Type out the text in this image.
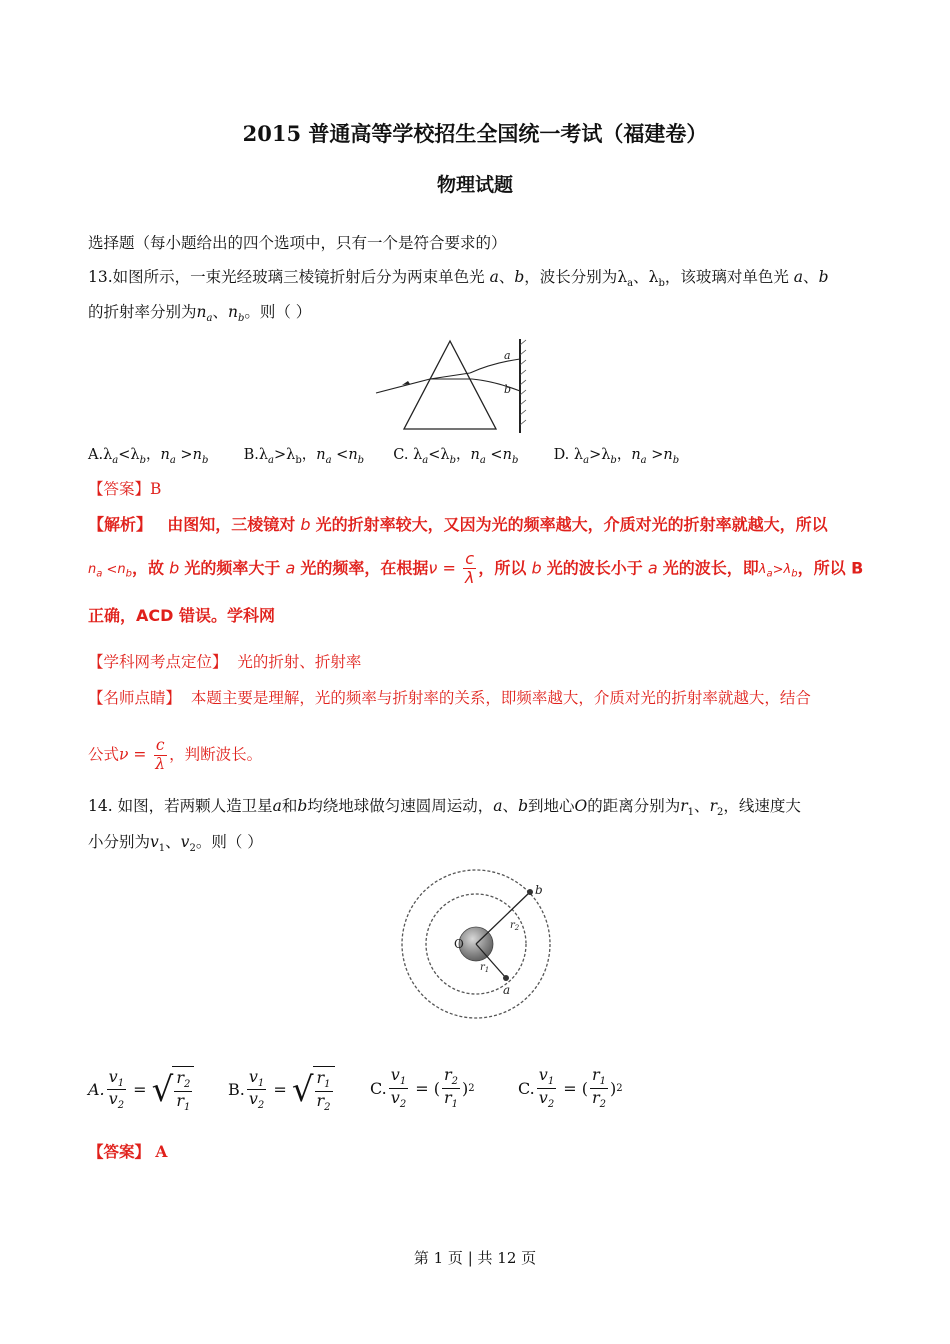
2015 普通高等学校招生全国统一考试（福建卷）
物理试题
选择题（每小题给出的四个选项中，只有一个是符合要求的）
13.如图所示，一束光经玻璃三棱镜折射后分为两束单色光 a、b，波长分别为$\lambda_a$、$\lambda_b$，该玻璃对单色光 a、b
的折射率分别为$n_a$、$n_b$。则（ ）
a
b
$A.\lambda_a<\lambda_b$，$n_a >n_b$ $B.\lambda_a>\lambda_b$，$n_a <n_b$ C. $\lambda_a<\lambda_b$，$n_a <n_b$ D. $\lambda_a>\lambda_b$，$n_a >n_b$
【答案】B
​
【解析】 由图知，三棱镜对 b 光的折射率较大，又因为光的频率越大，介质对光的折射率就越大，所以
$n_a <n_b$，故 b 光的频率大于 a 光的频率，在根据$\nu = \frac{c}{\lambda}$ ，所以 b 光的波长小于 a 光的波长，即$\lambda_a>\lambda_b$，所以 B
正确，ACD 错误。学科网
【学科网考点定位】 光的折射、折射率
【名师点睛】 本题主要是理解，光的频率与折射率的关系，即频率越大，介质对光的折射率就越大，结合
公式$\nu = \frac{c}{\lambda}$ ，判断波长。
14. 如图，若两颗人造卫星a和b均绕地球做匀速圆周运动，a、b到地心O的距离分别为$r_1$、$r_2$，线速度大
小分别为$v_1$、$v_2$。则（ ）
O
a
b
$r_1$
$r_2$
A. $\frac{v_1}{v_2}$ = √ $\frac{r_2}{r_1} B$. $\frac{v_1}{v_2}$ = √ $\frac{r_1}{r_2} C$. $\frac{v_1}{v_2}$ = ( $\frac{r_2}{r_1}$ ) 2	C. $\frac{v_1}{v_2}$ = ( $\frac{r_1}{r_2}$ ) 2
【答案】 A
第 1 页 | 共 12 页
